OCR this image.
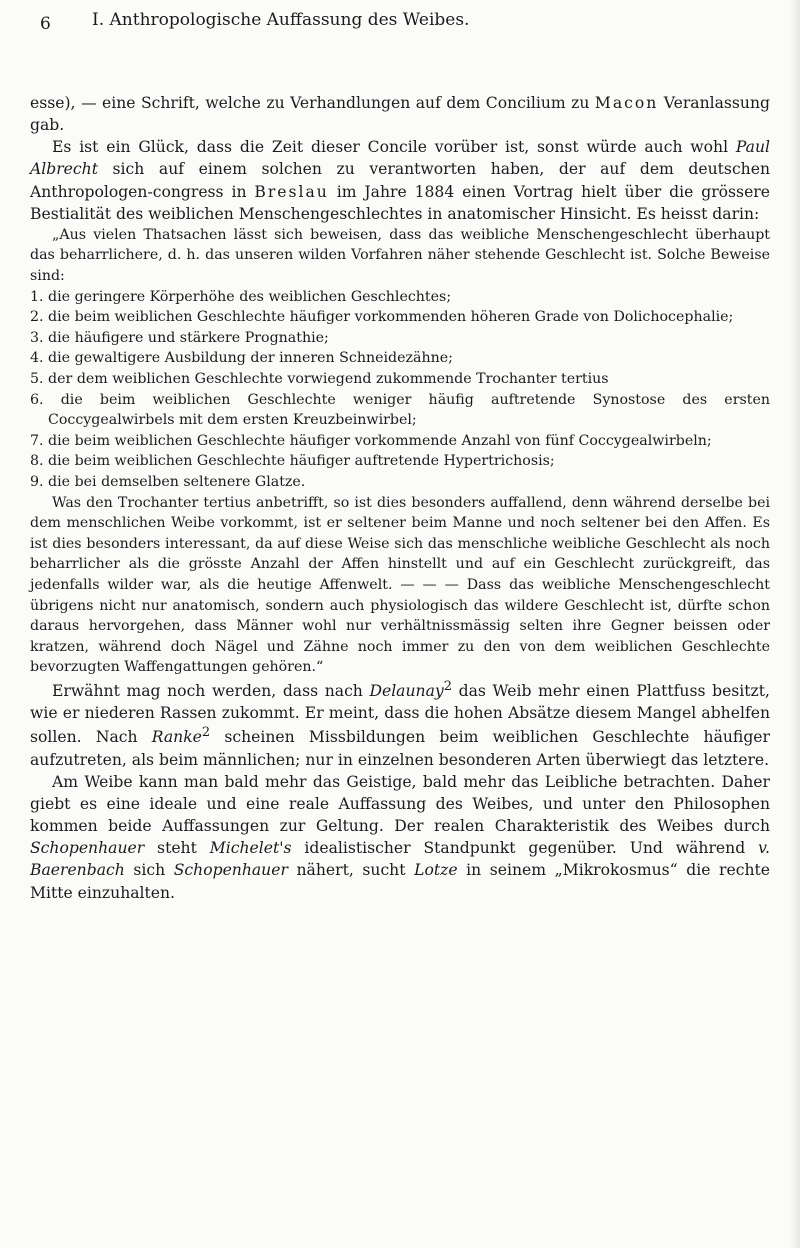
6 I. Anthropologische Auffassung des Weibes.

esse), — eine Schrift, welche zu Verhandlungen auf dem Concilium zu Macon Veranlassung gab.

Es ist ein Glück, dass die Zeit dieser Concile vorüber ist, sonst würde auch wohl Paul Albrecht sich auf einem solchen zu verantworten haben, der auf dem deutschen Anthropologen-congress in Breslau im Jahre 1884 einen Vortrag hielt über die grössere Bestialität des weiblichen Menschengeschlechtes in anatomischer Hinsicht. Es heisst darin:

„Aus vielen Thatsachen lässt sich beweisen, dass das weibliche Menschengeschlecht überhaupt das beharrlichere, d. h. das unseren wilden Vorfahren näher stehende Geschlecht ist. Solche Beweise sind:

1. die geringere Körperhöhe des weiblichen Geschlechtes;
2. die beim weiblichen Geschlechte häufiger vorkommenden höheren Grade von Dolichocephalie;
3. die häufigere und stärkere Prognathie;
4. die gewaltigere Ausbildung der inneren Schneidezähne;
5. der dem weiblichen Geschlechte vorwiegend zukommende Trochanter tertius
6. die beim weiblichen Geschlechte weniger häufig auftretende Synostose des ersten Coccygealwirbels mit dem ersten Kreuzbeinwirbel;
7. die beim weiblichen Geschlechte häufiger vorkommende Anzahl von fünf Coccygealwirbeln;
8. die beim weiblichen Geschlechte häufiger auftretende Hypertrichosis;
9. die bei demselben seltenere Glatze.

Was den Trochanter tertius anbetrifft, so ist dies besonders auffallend, denn während derselbe bei dem menschlichen Weibe vorkommt, ist er seltener beim Manne und noch seltener bei den Affen. Es ist dies besonders interessant, da auf diese Weise sich das menschliche weibliche Geschlecht als noch beharrlicher als die grösste Anzahl der Affen hinstellt und auf ein Geschlecht zurückgreift, das jedenfalls wilder war, als die heutige Affenwelt. — — — Dass das weibliche Menschengeschlecht übrigens nicht nur anatomisch, sondern auch physiologisch das wildere Geschlecht ist, dürfte schon daraus hervorgehen, dass Männer wohl nur verhältnissmässig selten ihre Gegner beissen oder kratzen, während doch Nägel und Zähne noch immer zu den von dem weiblichen Geschlechte bevorzugten Waffengattungen gehören.“

Erwähnt mag noch werden, dass nach Delaunay$^2$ das Weib mehr einen Plattfuss besitzt, wie er niederen Rassen zukommt. Er meint, dass die hohen Absätze diesem Mangel abhelfen sollen. Nach Ranke$^2$ scheinen Missbildungen beim weiblichen Geschlechte häufiger aufzutreten, als beim männlichen; nur in einzelnen besonderen Arten überwiegt das letztere.

Am Weibe kann man bald mehr das Geistige, bald mehr das Leibliche betrachten. Daher giebt es eine ideale und eine reale Auffassung des Weibes, und unter den Philosophen kommen beide Auffassungen zur Geltung. Der realen Charakteristik des Weibes durch Schopenhauer steht Michelet's idealistischer Standpunkt gegenüber. Und während v. Baerenbach sich Schopenhauer nähert, sucht Lotze in seinem „Mikrokosmus“ die rechte Mitte einzuhalten.
